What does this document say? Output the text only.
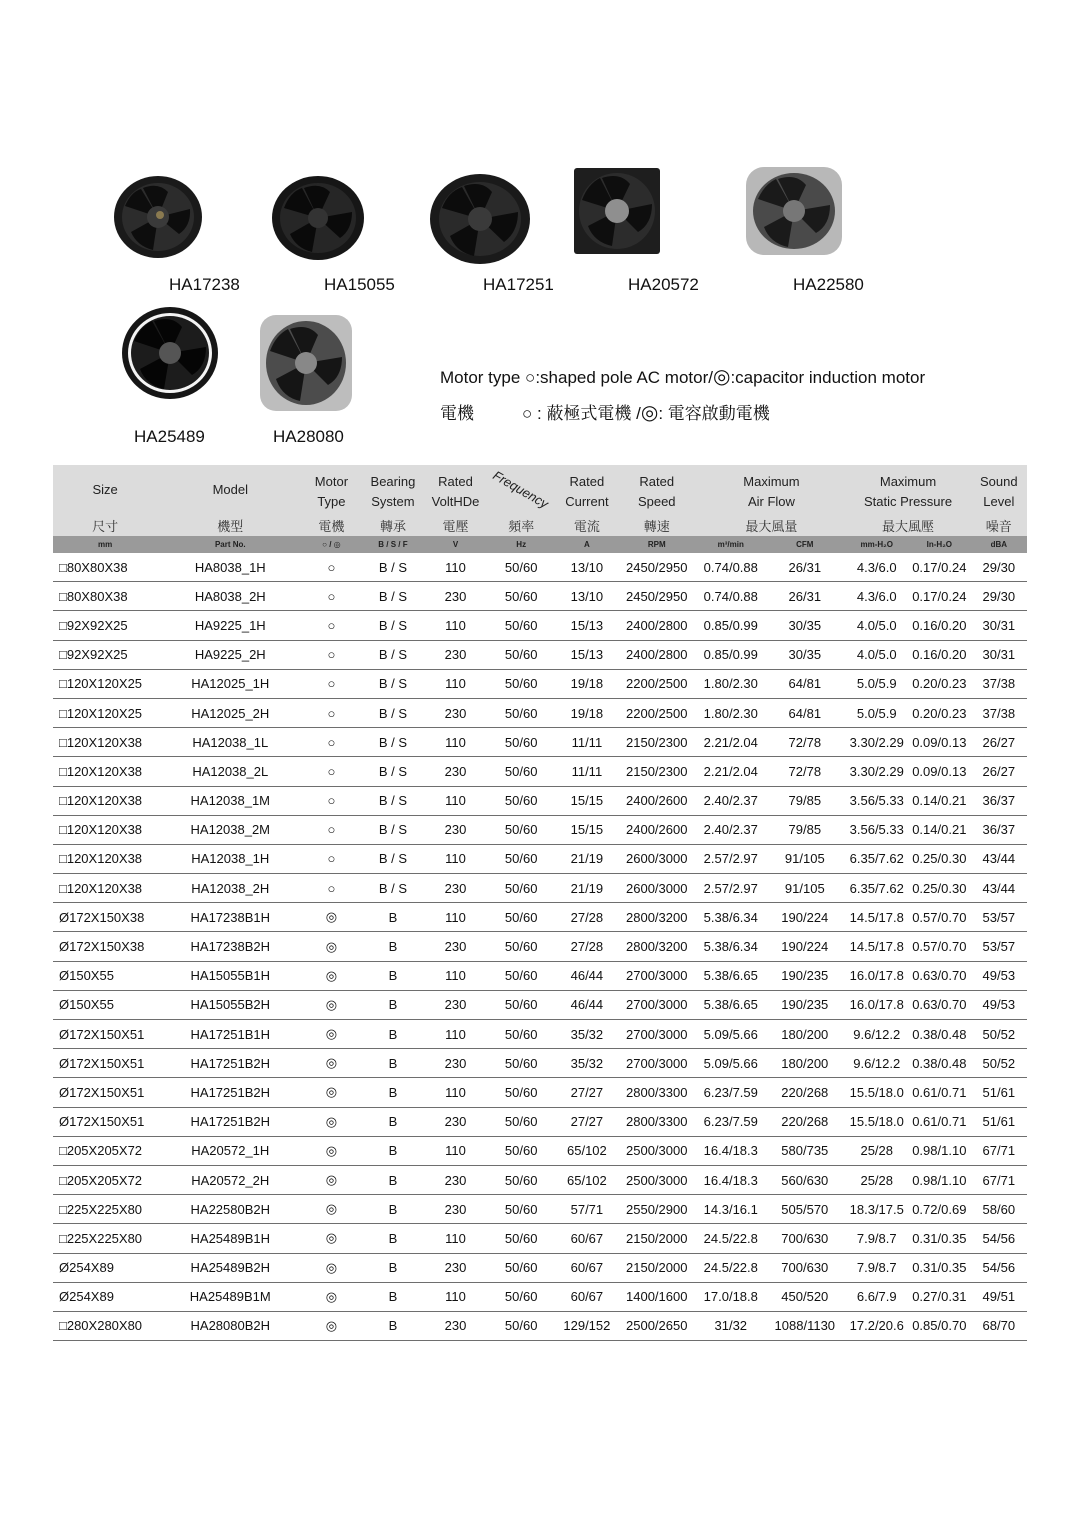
HA17238	HA15055	HA17251	HA20572	HA22580
HA25489	HA28080
Motor type ○:shaped pole AC motor/◎:capacitor induction motor
電機	○ : 蔽極式電機 /◎: 電容啟動電機
Size	Model	Motor	Bearing	Rated	Frequency	Rated	Rated	Maximum		Maximum		Sound
		Type	System	VoltHDe		Current	Speed	Air Flow		Static Pressure		Level
尺寸	機型	電機	轉承	電壓	頻率	電流	轉速	最大風量		最大風壓		噪音
mm	Part No.	○ / ◎	B / S / F	V	Hz	A	RPM	m³/min	CFM	mm-H₂O	In-H₂O	dBA
□80X80X38	HA8038_1H	○	B / S	110	50/60	13/10	2450/2950	0.74/0.88	26/31	4.3/6.0	0.17/0.24	29/30
□80X80X38	HA8038_2H	○	B / S	230	50/60	13/10	2450/2950	0.74/0.88	26/31	4.3/6.0	0.17/0.24	29/30
□92X92X25	HA9225_1H	○	B / S	110	50/60	15/13	2400/2800	0.85/0.99	30/35	4.0/5.0	0.16/0.20	30/31
□92X92X25	HA9225_2H	○	B / S	230	50/60	15/13	2400/2800	0.85/0.99	30/35	4.0/5.0	0.16/0.20	30/31
□120X120X25	HA12025_1H	○	B / S	110	50/60	19/18	2200/2500	1.80/2.30	64/81	5.0/5.9	0.20/0.23	37/38
□120X120X25	HA12025_2H	○	B / S	230	50/60	19/18	2200/2500	1.80/2.30	64/81	5.0/5.9	0.20/0.23	37/38
□120X120X38	HA12038_1L	○	B / S	110	50/60	11/11	2150/2300	2.21/2.04	72/78	3.30/2.29	0.09/0.13	26/27
□120X120X38	HA12038_2L	○	B / S	230	50/60	11/11	2150/2300	2.21/2.04	72/78	3.30/2.29	0.09/0.13	26/27
□120X120X38	HA12038_1M	○	B / S	110	50/60	15/15	2400/2600	2.40/2.37	79/85	3.56/5.33	0.14/0.21	36/37
□120X120X38	HA12038_2M	○	B / S	230	50/60	15/15	2400/2600	2.40/2.37	79/85	3.56/5.33	0.14/0.21	36/37
□120X120X38	HA12038_1H	○	B / S	110	50/60	21/19	2600/3000	2.57/2.97	91/105	6.35/7.62	0.25/0.30	43/44
□120X120X38	HA12038_2H	○	B / S	230	50/60	21/19	2600/3000	2.57/2.97	91/105	6.35/7.62	0.25/0.30	43/44
Ø172X150X38	HA17238B1H	◎	B	110	50/60	27/28	2800/3200	5.38/6.34	190/224	14.5/17.8	0.57/0.70	53/57
Ø172X150X38	HA17238B2H	◎	B	230	50/60	27/28	2800/3200	5.38/6.34	190/224	14.5/17.8	0.57/0.70	53/57
Ø150X55	HA15055B1H	◎	B	110	50/60	46/44	2700/3000	5.38/6.65	190/235	16.0/17.8	0.63/0.70	49/53
Ø150X55	HA15055B2H	◎	B	230	50/60	46/44	2700/3000	5.38/6.65	190/235	16.0/17.8	0.63/0.70	49/53
Ø172X150X51	HA17251B1H	◎	B	110	50/60	35/32	2700/3000	5.09/5.66	180/200	9.6/12.2	0.38/0.48	50/52
Ø172X150X51	HA17251B2H	◎	B	230	50/60	35/32	2700/3000	5.09/5.66	180/200	9.6/12.2	0.38/0.48	50/52
Ø172X150X51	HA17251B2H	◎	B	110	50/60	27/27	2800/3300	6.23/7.59	220/268	15.5/18.0	0.61/0.71	51/61
Ø172X150X51	HA17251B2H	◎	B	230	50/60	27/27	2800/3300	6.23/7.59	220/268	15.5/18.0	0.61/0.71	51/61
□205X205X72	HA20572_1H	◎	B	110	50/60	65/102	2500/3000	16.4/18.3	580/735	25/28	0.98/1.10	67/71
□205X205X72	HA20572_2H	◎	B	230	50/60	65/102	2500/3000	16.4/18.3	560/630	25/28	0.98/1.10	67/71
□225X225X80	HA22580B2H	◎	B	230	50/60	57/71	2550/2900	14.3/16.1	505/570	18.3/17.5	0.72/0.69	58/60
□225X225X80	HA25489B1H	◎	B	110	50/60	60/67	2150/2000	24.5/22.8	700/630	7.9/8.7	0.31/0.35	54/56
Ø254X89	HA25489B2H	◎	B	230	50/60	60/67	2150/2000	24.5/22.8	700/630	7.9/8.7	0.31/0.35	54/56
Ø254X89	HA25489B1M	◎	B	110	50/60	60/67	1400/1600	17.0/18.8	450/520	6.6/7.9	0.27/0.31	49/51
□280X280X80	HA28080B2H	◎	B	230	50/60	129/152	2500/2650	31/32	1088/1130	17.2/20.6	0.85/0.70	68/70
